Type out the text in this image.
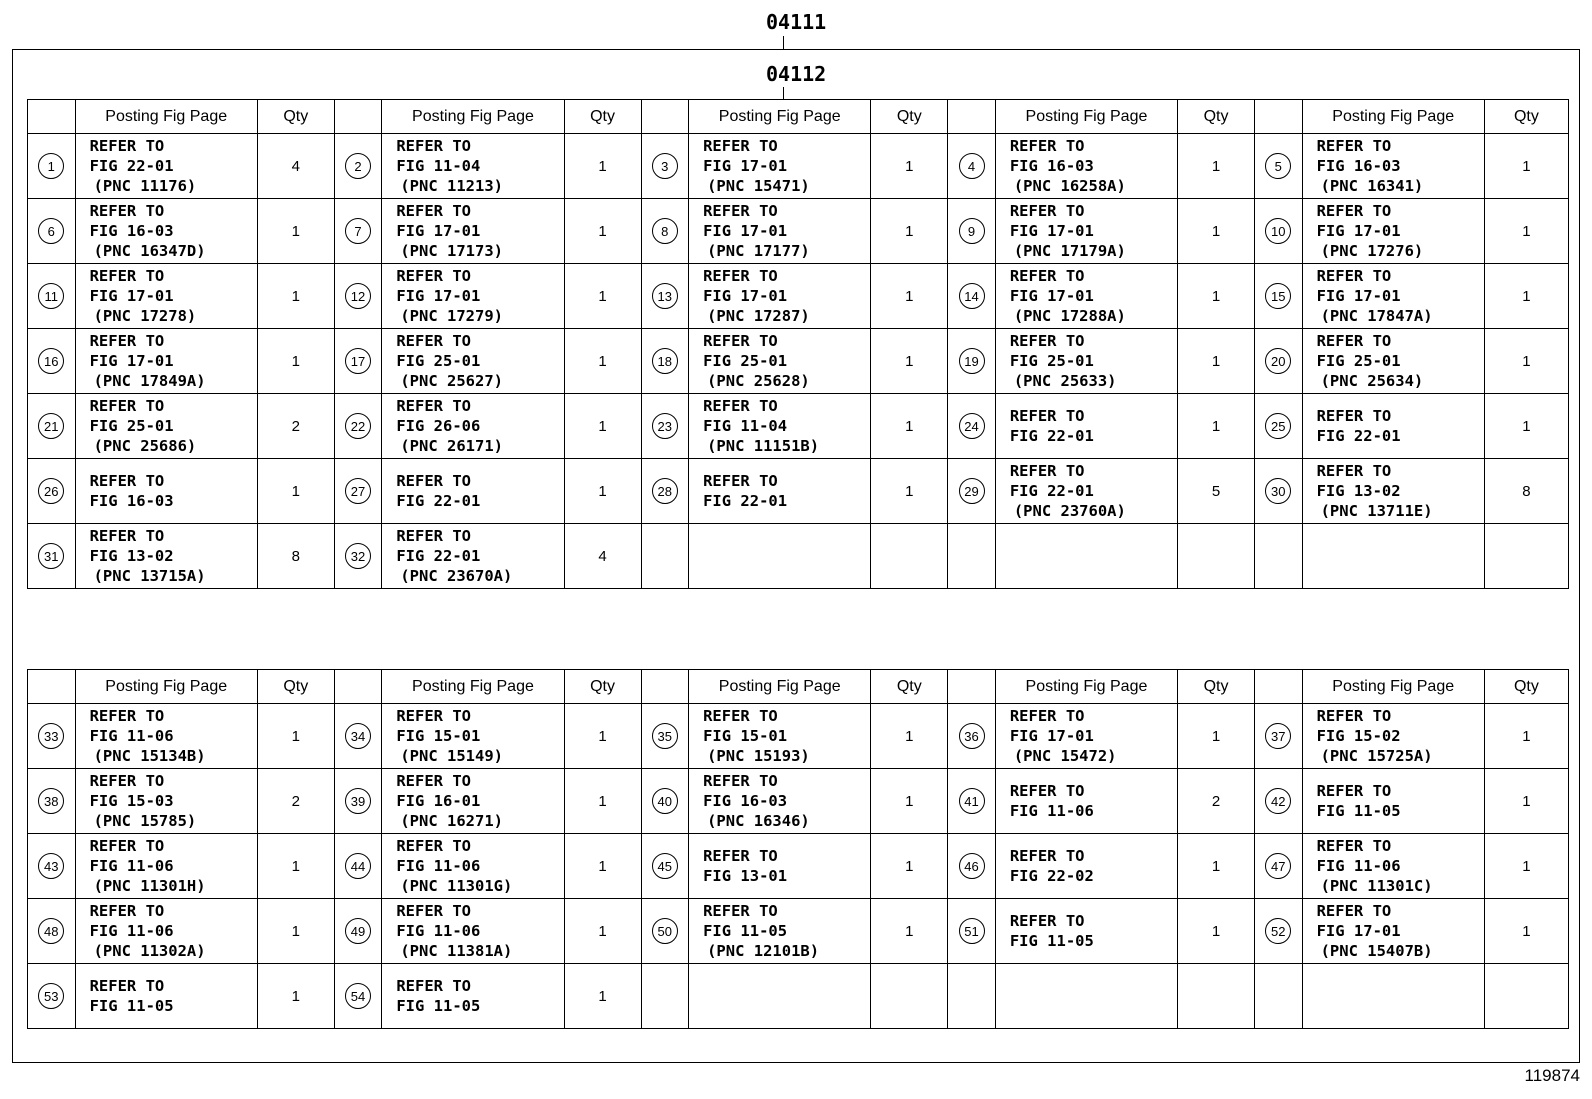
04111
04112
	Posting Fig Page	Qty		Posting Fig Page	Qty		Posting Fig Page	Qty		Posting Fig Page	Qty		Posting Fig Page	Qty
1	REFER TO
FIG 22-01
(PNC 11176)	4	2	REFER TO
FIG 11-04
(PNC 11213)	1	3	REFER TO
FIG 17-01
(PNC 15471)	1	4	REFER TO
FIG 16-03
(PNC 16258A)	1	5	REFER TO
FIG 16-03
(PNC 16341)	1
6	REFER TO
FIG 16-03
(PNC 16347D)	1	7	REFER TO
FIG 17-01
(PNC 17173)	1	8	REFER TO
FIG 17-01
(PNC 17177)	1	9	REFER TO
FIG 17-01
(PNC 17179A)	1	10	REFER TO
FIG 17-01
(PNC 17276)	1
11	REFER TO
FIG 17-01
(PNC 17278)	1	12	REFER TO
FIG 17-01
(PNC 17279)	1	13	REFER TO
FIG 17-01
(PNC 17287)	1	14	REFER TO
FIG 17-01
(PNC 17288A)	1	15	REFER TO
FIG 17-01
(PNC 17847A)	1
16	REFER TO
FIG 17-01
(PNC 17849A)	1	17	REFER TO
FIG 25-01
(PNC 25627)	1	18	REFER TO
FIG 25-01
(PNC 25628)	1	19	REFER TO
FIG 25-01
(PNC 25633)	1	20	REFER TO
FIG 25-01
(PNC 25634)	1
21	REFER TO
FIG 25-01
(PNC 25686)	2	22	REFER TO
FIG 26-06
(PNC 26171)	1	23	REFER TO
FIG 11-04
(PNC 11151B)	1	24	REFER TO
FIG 22-01	1	25	REFER TO
FIG 22-01	1
26	REFER TO
FIG 16-03	1	27	REFER TO
FIG 22-01	1	28	REFER TO
FIG 22-01	1	29	REFER TO
FIG 22-01
(PNC 23760A)	5	30	REFER TO
FIG 13-02
(PNC 13711E)	8
31	REFER TO
FIG 13-02
(PNC 13715A)	8	32	REFER TO
FIG 22-01
(PNC 23670A)	4									
	Posting Fig Page	Qty		Posting Fig Page	Qty		Posting Fig Page	Qty		Posting Fig Page	Qty		Posting Fig Page	Qty
33	REFER TO
FIG 11-06
(PNC 15134B)	1	34	REFER TO
FIG 15-01
(PNC 15149)	1	35	REFER TO
FIG 15-01
(PNC 15193)	1	36	REFER TO
FIG 17-01
(PNC 15472)	1	37	REFER TO
FIG 15-02
(PNC 15725A)	1
38	REFER TO
FIG 15-03
(PNC 15785)	2	39	REFER TO
FIG 16-01
(PNC 16271)	1	40	REFER TO
FIG 16-03
(PNC 16346)	1	41	REFER TO
FIG 11-06	2	42	REFER TO
FIG 11-05	1
43	REFER TO
FIG 11-06
(PNC 11301H)	1	44	REFER TO
FIG 11-06
(PNC 11301G)	1	45	REFER TO
FIG 13-01	1	46	REFER TO
FIG 22-02	1	47	REFER TO
FIG 11-06
(PNC 11301C)	1
48	REFER TO
FIG 11-06
(PNC 11302A)	1	49	REFER TO
FIG 11-06
(PNC 11381A)	1	50	REFER TO
FIG 11-05
(PNC 12101B)	1	51	REFER TO
FIG 11-05	1	52	REFER TO
FIG 17-01
(PNC 15407B)	1
53	REFER TO
FIG 11-05	1	54	REFER TO
FIG 11-05	1									
119874
